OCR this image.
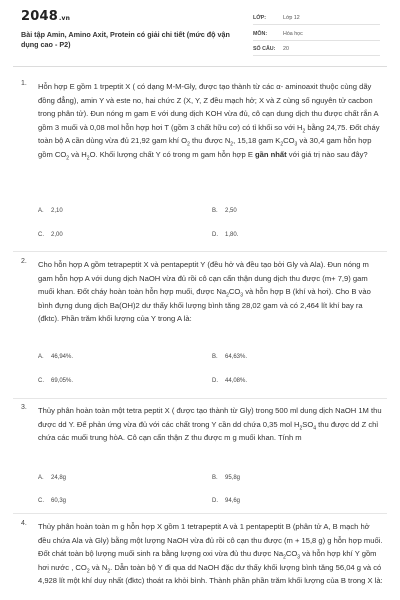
2048.vn
Bài tập Amin, Amino Axit, Protein có giải chi tiết (mức độ vận dụng cao - P2)
LỚP:	Lớp 12
MÔN:	Hóa học
SỐ CÂU: 20
1. Hỗn hợp E gồm 1 trpeptit X ( có dạng M-M-Gly, được tạo thành từ các α- aminoaxit thuộc cùng dãy đồng đẳng), amin Y và este no, hai chức Z (X, Y, Z đều mạch hở; X và Z cùng số nguyên tử cacbon trong phân tử). Đun nóng m gam E với dung dịch KOH vừa đủ, cô cạn dung dịch thu được chất rắn A gồm 3 muối và 0,08 mol hỗn hợp hơi T (gồm 3 chất hữu cơ) có tỉ khối so với $H_2$ bằng 24,75. Đốt cháy toàn bộ A cần dùng vừa đủ 21,92 gam khí $O_2$ thu được $N_2$, 15,18 gam $K_2CO_3$ và 30,4 gam hỗn hợp gồm $CO_2$ và $H_2O$. Khối lượng chất Y có trong m gam hỗn hợp E gần nhất với giá trị nào sau đây?

A. 2,10	B. 2,50
C. 2,00	D. 1,80.
2. Cho hỗn hợp A gồm tetrapeptit X và pentapeptit Y (đều hở và đều tạo bởi Gly và Ala). Đun nóng m gam hỗn hợp A với dung dịch NaOH vừa đủ rồi cô cạn cẩn thận dung dịch thu được (m+ 7,9) gam muối khan. Đốt cháy hoàn toàn hỗn hợp muối, được $Na_2CO_3$ và hỗn hợp B (khí và hơi). Cho B vào bình đựng dung dịch Ba(OH)2 dư thấy khối lượng bình tăng 28,02 gam và có 2,464 lít khí bay ra (đktc). Phần trăm khối lượng của Y trong A là:

A. 46,94%.	B. 64,63%.
C. 69,05%.	D. 44,08%.
3. Thủy phân hoàn toàn một tetra peptit X ( được tạo thành từ Gly) trong 500 ml dung dịch NaOH 1M thu được dd Y. Để phản ứng vừa đủ với các chất trong Y cần dd chứa 0,35 mol $H_2SO_4$ thu được dd Z chỉ chứa các muối trung hòA. Cô cạn cẩn thận Z thu được m g muối khan. Tính m

A. 24,8g	B. 95,8g
C. 60,3g	D. 94,6g
4. Thủy phân hoàn toàn m g hỗn hợp X gồm 1 tetrapeptit A và 1 pentapeptit B (phân tử A, B mạch hở đều chứa Ala và Gly) bằng một lượng NaOH vừa đủ rồi cô cạn thu được (m + 15,8 g) g hỗn hợp muối. Đốt chát toàn bộ lượng muối sinh ra bằng lượng oxi vừa đủ thu được $Na_2CO_3$ và hỗn hợp khí Y gồm hơi nước , $CO_2$ và $N_2$. Dẫn toàn bộ Y đi qua dd NaOH đặc dư thấy khối lượng bình tăng 56,04 g và có 4,928 lít một khí duy nhất (đktc) thoát ra khỏi bình. Thành phần phần trăm khối lượng của B trong X là:
